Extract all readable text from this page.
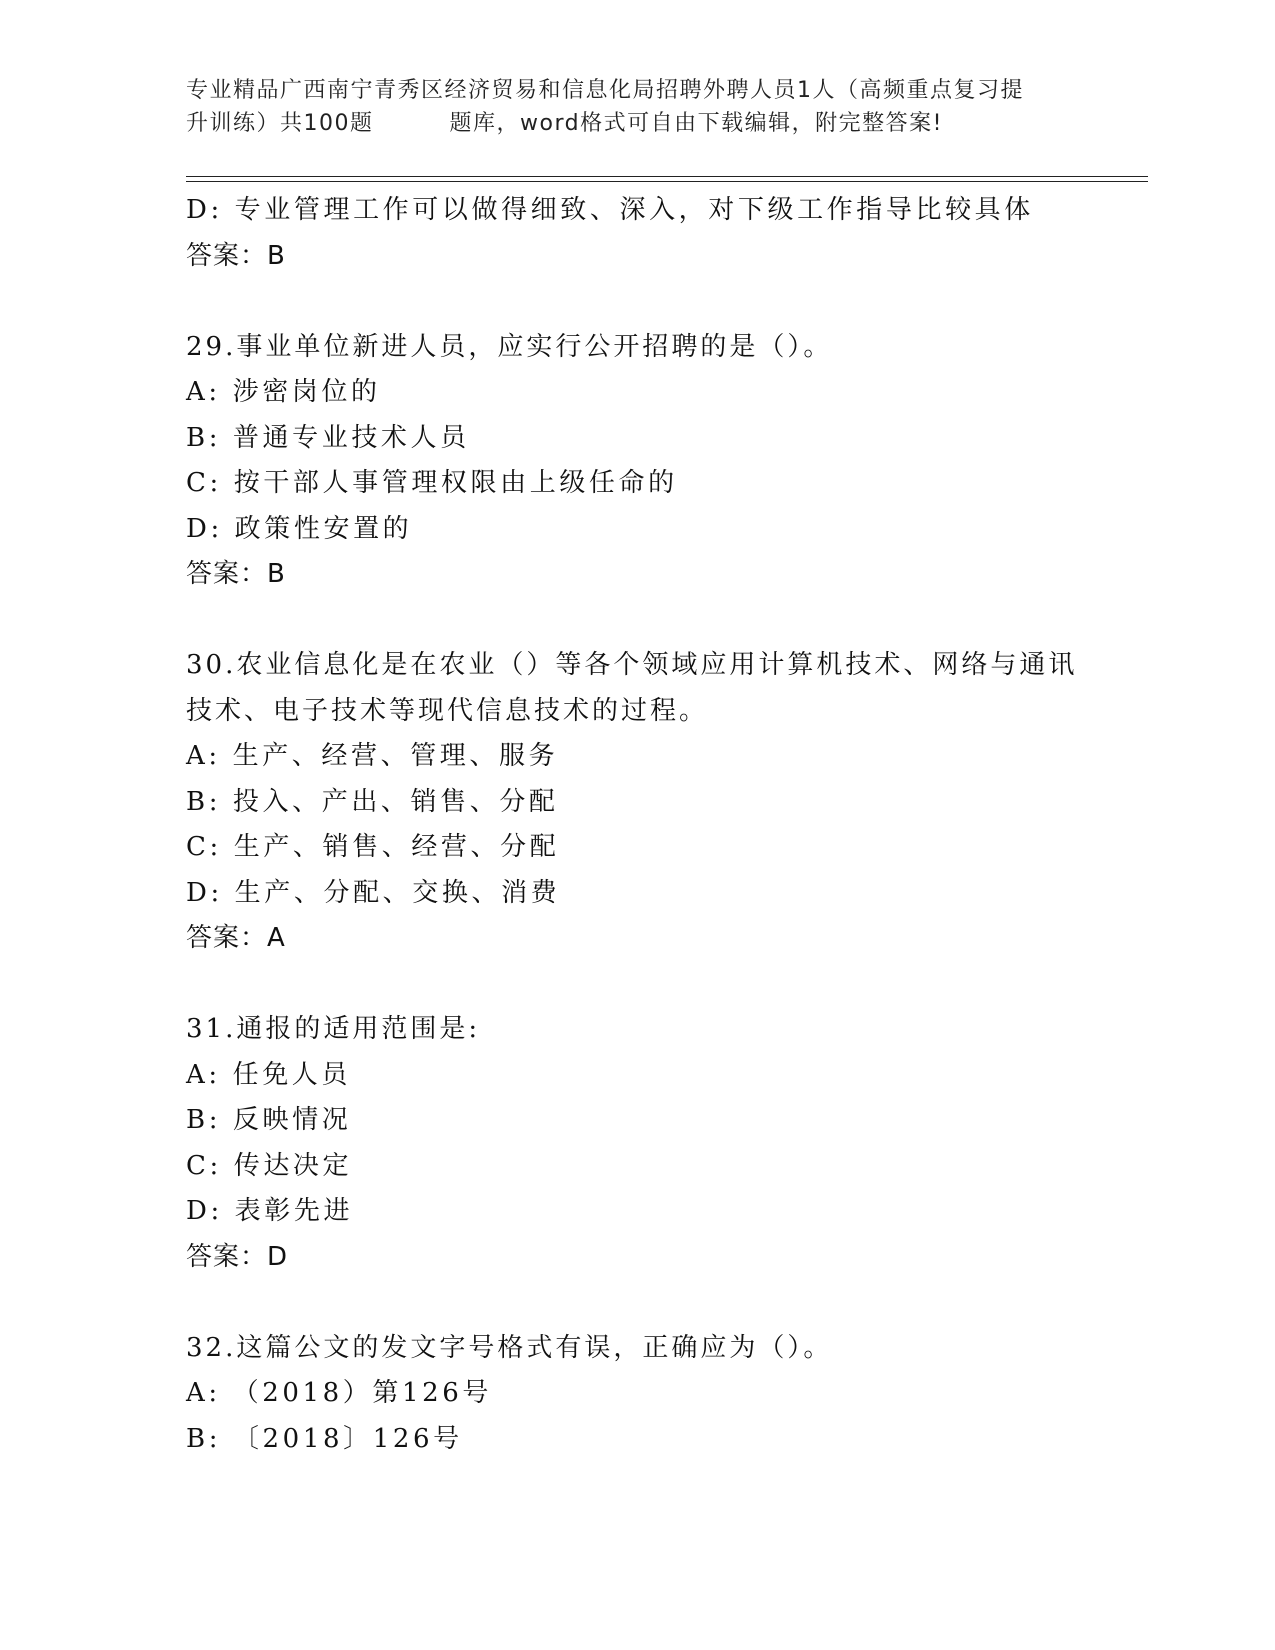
专业精品广西南宁青秀区经济贸易和信息化局招聘外聘人员1人（高频重点复习提
升训练）共100题	题库，word格式可自由下载编辑，附完整答案!
D: 专业管理工作可以做得细致、深入，对下级工作指导比较具体
答案：B
29.事业单位新进人员，应实行公开招聘的是（）。
A: 涉密岗位的
B: 普通专业技术人员
C: 按干部人事管理权限由上级任命的
D: 政策性安置的
答案：B
30.农业信息化是在农业（）等各个领域应用计算机技术、网络与通讯
技术、电子技术等现代信息技术的过程。
A: 生产、经营、管理、服务
B: 投入、产出、销售、分配
C: 生产、销售、经营、分配
D: 生产、分配、交换、消费
答案：A
31.通报的适用范围是:
A: 任免人员
B: 反映情况
C: 传达决定
D: 表彰先进
答案：D
32.这篇公文的发文字号格式有误，正确应为（）。
A: （2018）第126号
B: 〔2018〕126号
